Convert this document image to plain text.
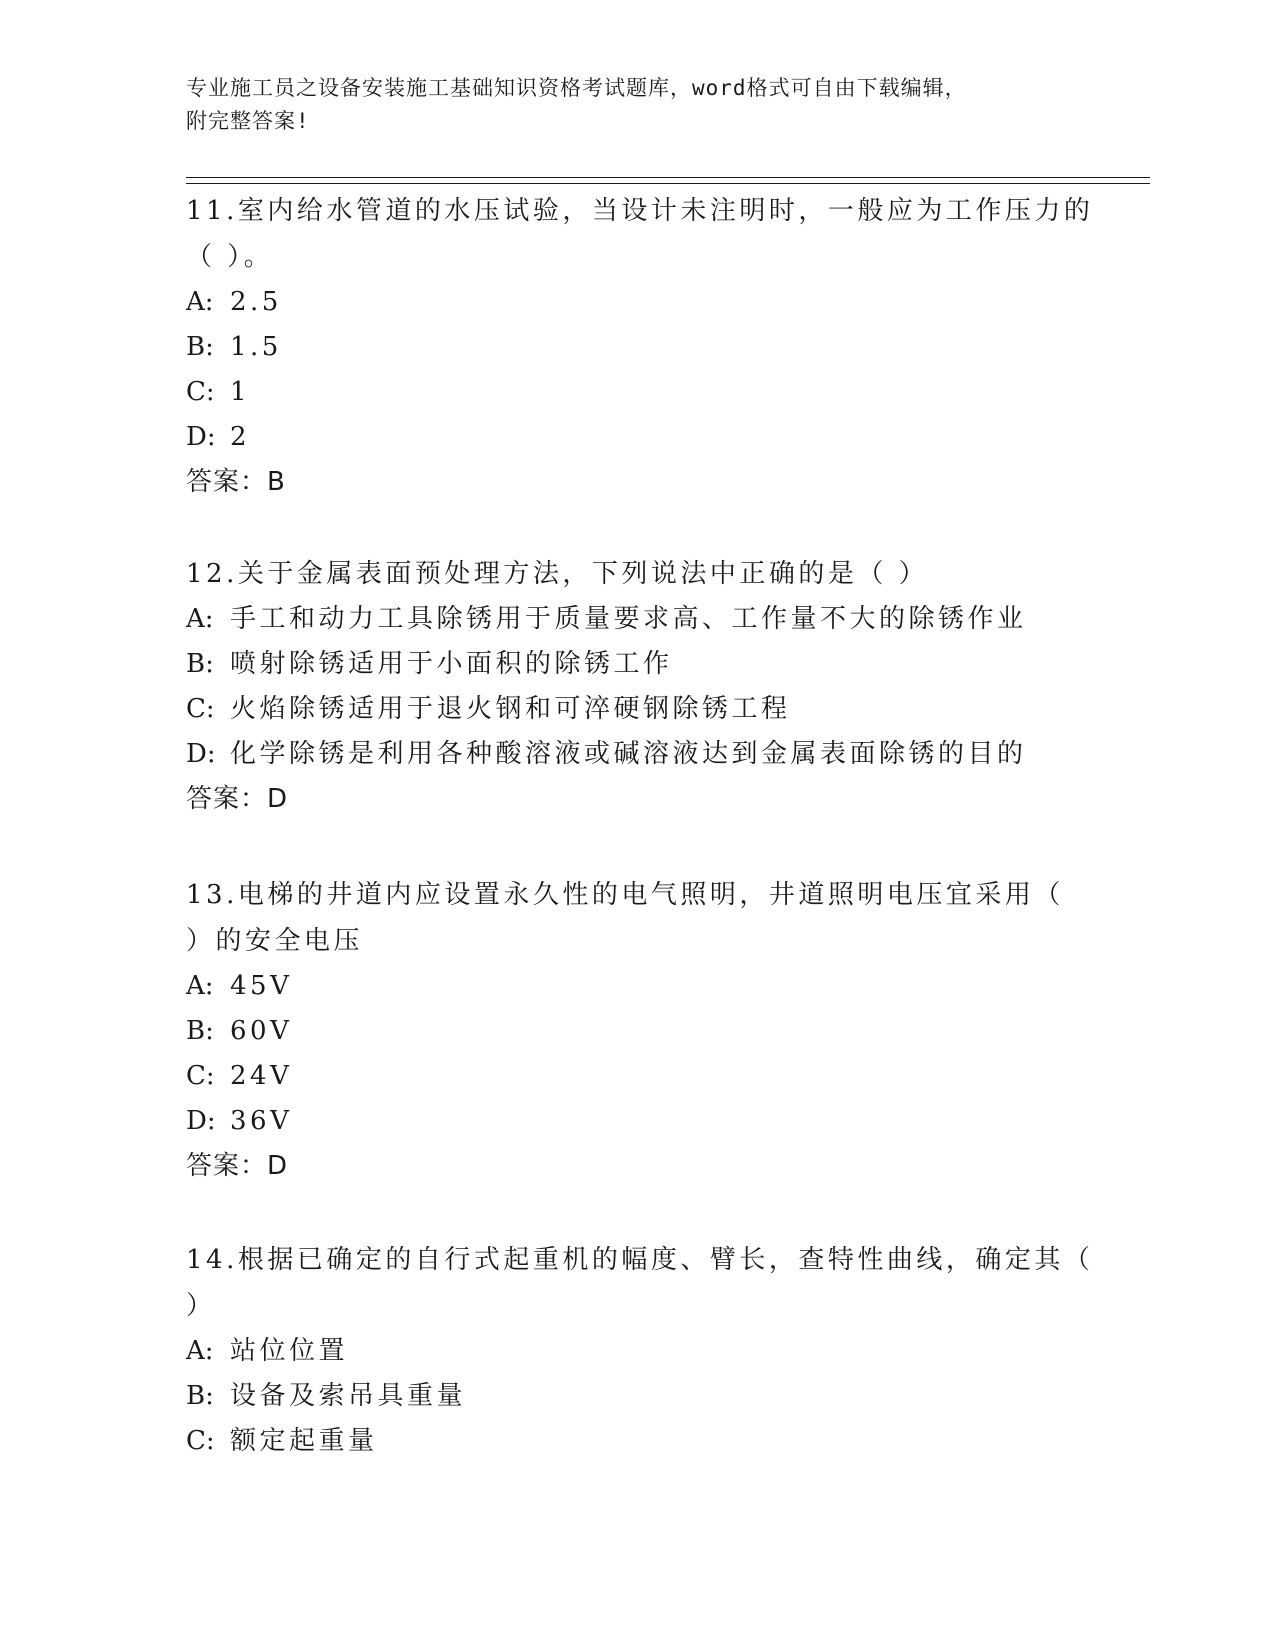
专业施工员之设备安装施工基础知识资格考试题库，word格式可自由下载编辑，
附完整答案!
11.室内给水管道的水压试验，当设计未注明时，一般应为工作压力的
（ ）。
A: 2.5
B: 1.5
C: 1
D: 2
答案：B
12.关于金属表面预处理方法，下列说法中正确的是（ ）
A: 手工和动力工具除锈用于质量要求高、工作量不大的除锈作业
B: 喷射除锈适用于小面积的除锈工作
C: 火焰除锈适用于退火钢和可淬硬钢除锈工程
D: 化学除锈是利用各种酸溶液或碱溶液达到金属表面除锈的目的
答案：D
13.电梯的井道内应设置永久性的电气照明，井道照明电压宜采用（
）的安全电压
A: 45V
B: 60V
C: 24V
D: 36V
答案：D
14.根据已确定的自行式起重机的幅度、臂长，查特性曲线，确定其（
）
A: 站位位置
B: 设备及索吊具重量
C: 额定起重量
